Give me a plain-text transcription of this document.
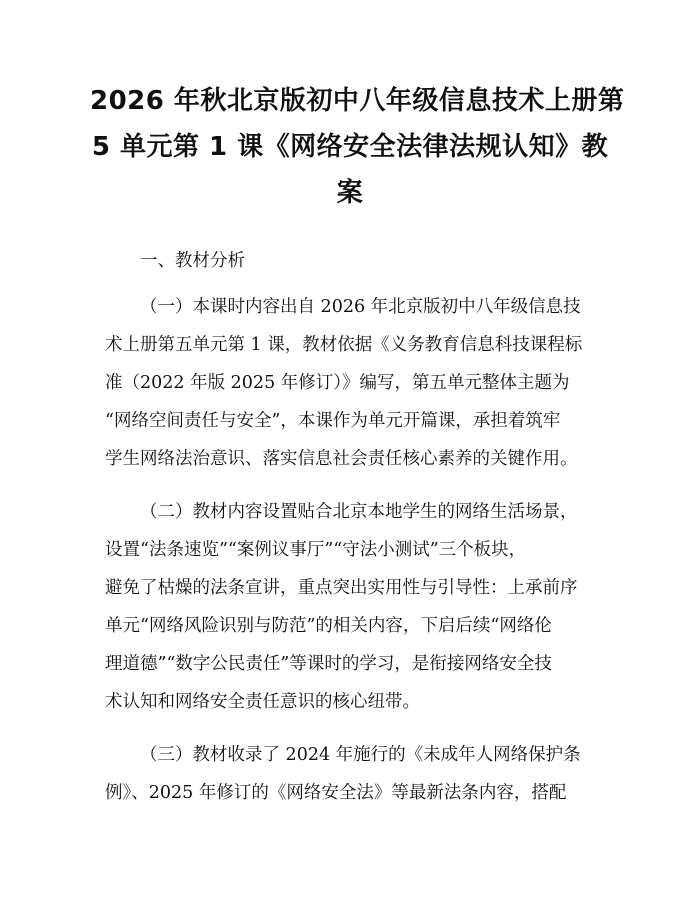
2026 年秋北京版初中八年级信息技术上册第
5 单元第 1 课《网络安全法律法规认知》教
案
一、教材分析
（一）本课时内容出自 2026 年北京版初中八年级信息技
术上册第五单元第 1 课，教材依据《义务教育信息科技课程标
准（2022 年版 2025 年修订）》编写，第五单元整体主题为
“网络空间责任与安全”，本课作为单元开篇课，承担着筑牢
学生网络法治意识、落实信息社会责任核心素养的关键作用。
（二）教材内容设置贴合北京本地学生的网络生活场景，
设置“法条速览”“案例议事厅”“守法小测试”三个板块，
避免了枯燥的法条宣讲，重点突出实用性与引导性：上承前序
单元“网络风险识别与防范”的相关内容，下启后续“网络伦
理道德”“数字公民责任”等课时的学习，是衔接网络安全技
术认知和网络安全责任意识的核心纽带。
（三）教材收录了 2024 年施行的《未成年人网络保护条
例》、2025 年修订的《网络安全法》等最新法条内容，搭配
